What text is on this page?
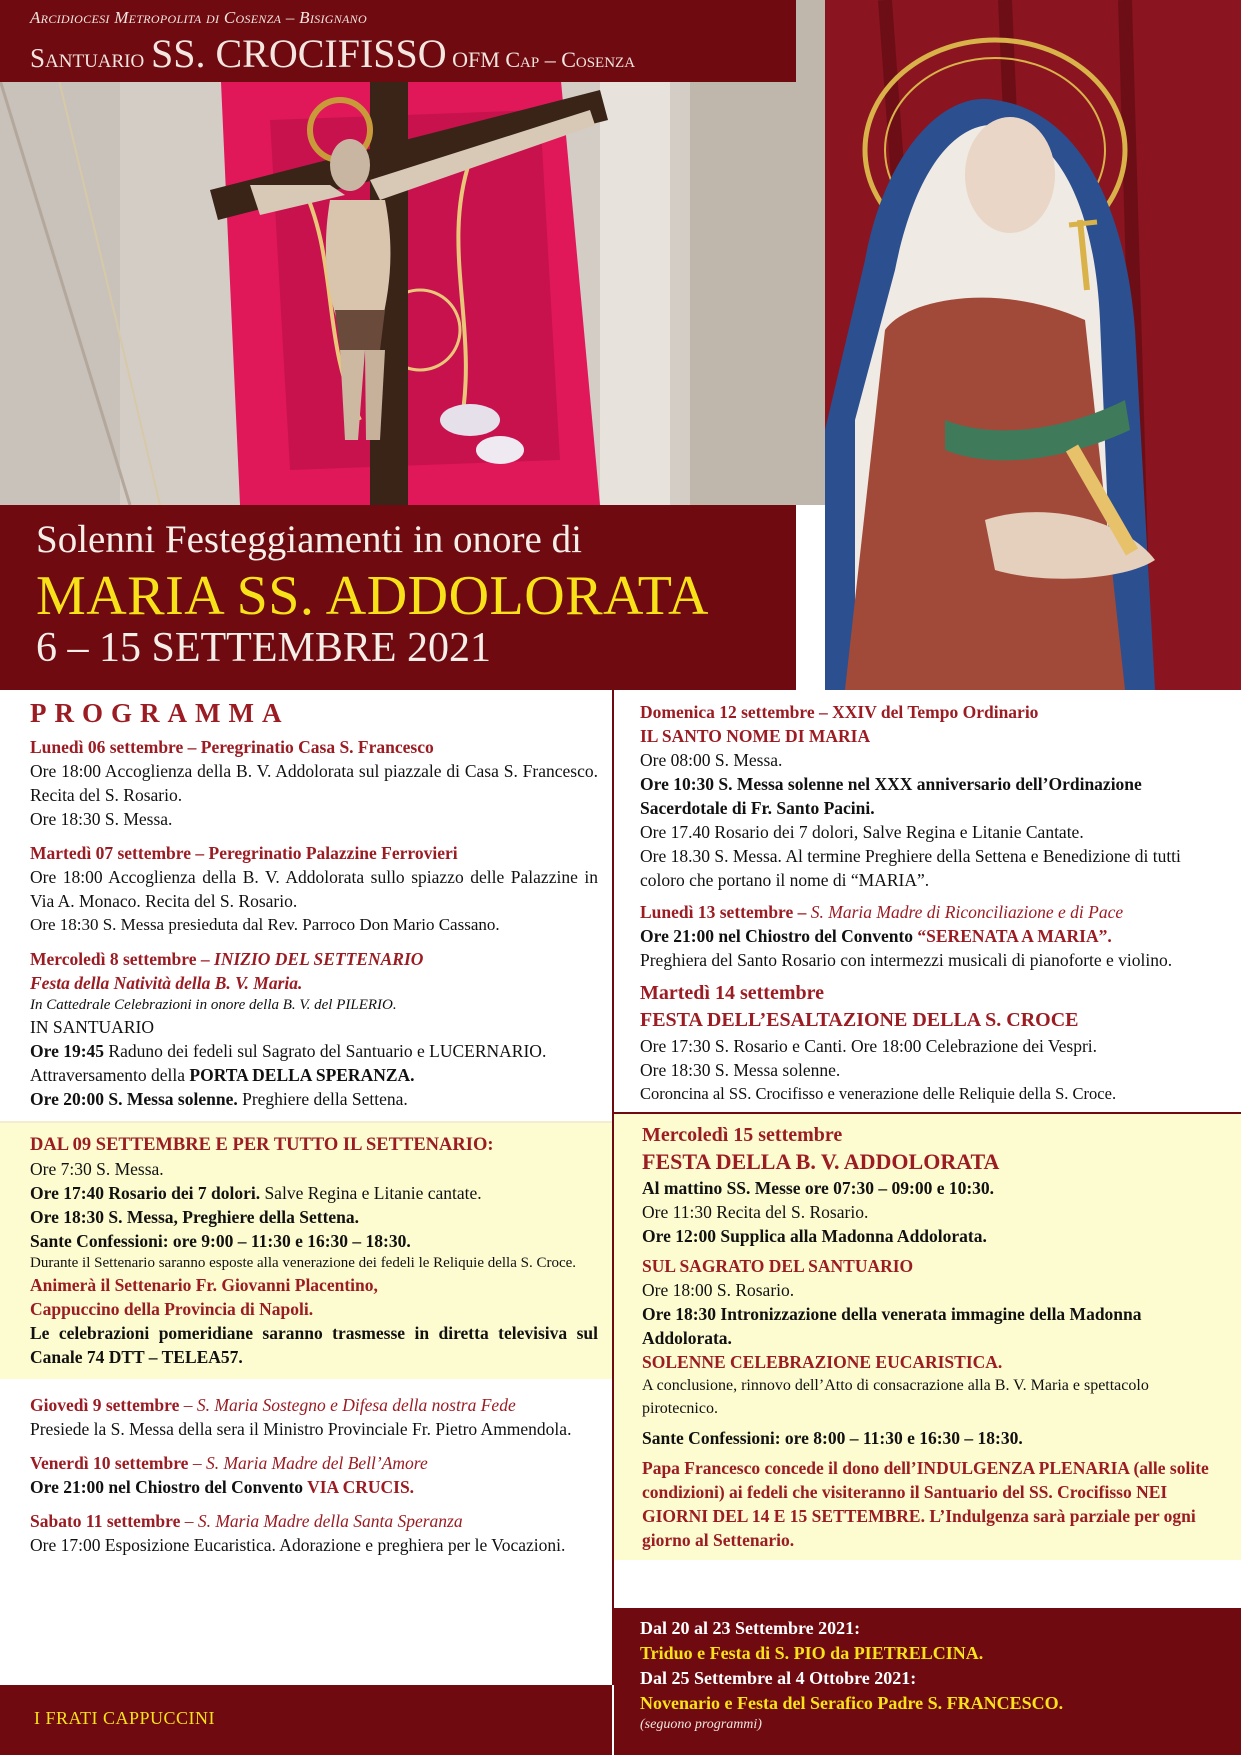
Arcidiocesi Metropolita di Cosenza – Bisignano
Santuario SS. CROCIFISSO OFM Cap – Cosenza
Solenni Festeggiamenti in onore di
MARIA SS. ADDOLORATA
6 – 15 SETTEMBRE 2021
PROGRAMMA
Lunedì 06 settembre – Peregrinatio Casa S. Francesco
Ore 18:00 Accoglienza della B. V. Addolorata sul piazzale di Casa S. Francesco. Recita del S. Rosario.
Ore 18:30 S. Messa.
Martedì 07 settembre – Peregrinatio Palazzine Ferrovieri
Ore 18:00 Accoglienza della B. V. Addolorata sullo spiazzo delle Palazzine in Via A. Monaco. Recita del S. Rosario.
Ore 18:30 S. Messa presieduta dal Rev. Parroco Don Mario Cassano.
Mercoledì 8 settembre – INIZIO DEL SETTENARIO
Festa della Natività della B. V. Maria.
In Cattedrale Celebrazioni in onore della B. V. del PILERIO.
IN SANTUARIO
Ore 19:45 Raduno dei fedeli sul Sagrato del Santuario e LUCERNARIO.
Attraversamento della PORTA DELLA SPERANZA.
Ore 20:00 S. Messa solenne. Preghiere della Settena.
DAL 09 SETTEMBRE E PER TUTTO IL SETTENARIO:
Ore 7:30 S. Messa.
Ore 17:40 Rosario dei 7 dolori. Salve Regina e Litanie cantate.
Ore 18:30 S. Messa, Preghiere della Settena.
Sante Confessioni: ore 9:00 – 11:30 e 16:30 – 18:30.
Durante il Settenario saranno esposte alla venerazione dei fedeli le Reliquie della S. Croce.
Animerà il Settenario Fr. Giovanni Placentino,
Cappuccino della Provincia di Napoli.
Le celebrazioni pomeridiane saranno trasmesse in diretta televisiva sul Canale 74 DTT – TELEA57.
Giovedì 9 settembre – S. Maria Sostegno e Difesa della nostra Fede
Presiede la S. Messa della sera il Ministro Provinciale Fr. Pietro Ammendola.
Venerdì 10 settembre – S. Maria Madre del Bell’Amore
Ore 21:00 nel Chiostro del Convento VIA CRUCIS.
Sabato 11 settembre – S. Maria Madre della Santa Speranza
Ore 17:00 Esposizione Eucaristica. Adorazione e preghiera per le Vocazioni.
I FRATI CAPPUCCINI
Domenica 12 settembre – XXIV del Tempo Ordinario
IL SANTO NOME DI MARIA
Ore 08:00 S. Messa.
Ore 10:30 S. Messa solenne nel XXX anniversario dell’Ordinazione Sacerdotale di Fr. Santo Pacini.
Ore 17.40 Rosario dei 7 dolori, Salve Regina e Litanie Cantate.
Ore 18.30 S. Messa. Al termine Preghiere della Settena e Benedizione di tutti coloro che portano il nome di “MARIA”.
Lunedì 13 settembre – S. Maria Madre di Riconciliazione e di Pace
Ore 21:00 nel Chiostro del Convento “SERENATA A MARIA”.
Preghiera del Santo Rosario con intermezzi musicali di pianoforte e violino.
Martedì 14 settembre
FESTA DELL’ESALTAZIONE DELLA S. CROCE
Ore 17:30 S. Rosario e Canti. Ore 18:00 Celebrazione dei Vespri.
Ore 18:30 S. Messa solenne.
Coroncina al SS. Crocifisso e venerazione delle Reliquie della S. Croce.
Mercoledì 15 settembre
FESTA DELLA B. V. ADDOLORATA
Al mattino SS. Messe ore 07:30 – 09:00 e 10:30.
Ore 11:30 Recita del S. Rosario.
Ore 12:00 Supplica alla Madonna Addolorata.
SUL SAGRATO DEL SANTUARIO
Ore 18:00 S. Rosario.
Ore 18:30 Intronizzazione della venerata immagine della Madonna Addolorata.
SOLENNE CELEBRAZIONE EUCARISTICA.
A conclusione, rinnovo dell’Atto di consacrazione alla B. V. Maria e spettacolo pirotecnico.
Sante Confessioni: ore 8:00 – 11:30 e 16:30 – 18:30.
Papa Francesco concede il dono dell’INDULGENZA PLENARIA (alle solite condizioni) ai fedeli che visiteranno il Santuario del SS. Crocifisso NEI GIORNI DEL 14 E 15 SETTEMBRE. L’Indulgenza sarà parziale per ogni giorno al Settenario.
Dal 20 al 23 Settembre 2021:
Triduo e Festa di S. PIO da PIETRELCINA.
Dal 25 Settembre al 4 Ottobre 2021:
Novenario e Festa del Serafico Padre S. FRANCESCO.
(seguono programmi)
